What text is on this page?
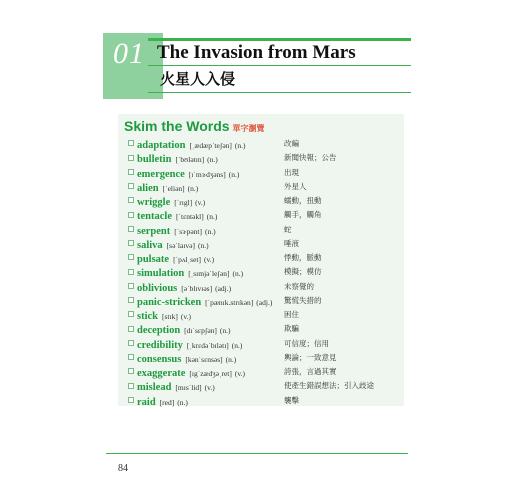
01 The Invasion from Mars
火星人入侵
Skim the Words 單字瀏覽
adaptation [ˌædæpˈteʃən] (n.)	改編
bulletin [ˈbʊlətɪn] (n.)	新聞快報；公告
emergence [ɪˈmɝdʒəns] (n.)	出現
alien [ˈeliən] (n.)	外星人
wriggle [ˈrɪgl] (v.)	蠕動，扭動
tentacle [ˈtɛntəkl] (n.)	觸手，觸角
serpent [ˈsɝpənt] (n.)	蛇
saliva [səˈlaɪvə] (n.)	唾液
pulsate [ˈpʌlˌset] (v.)	悸動，脈動
simulation [ˌsɪmjəˈleʃən] (n.)	模擬；模仿
oblivious [əˈblɪvɪəs] (adj.)	未察覺的
panic-stricken [ˈpænɪk.strɪkən] (adj.) 驚慌失措的
stick [stɪk] (v.)	困住
deception [dɪˈsɛpʃən] (n.)	欺騙
credibility [ˌkrɛdəˈbɪlətɪ] (n.)	可信度；信用
consensus [kənˈsɛnsəs] (n.)	輿論；一致意見
exaggerate [ɪgˈzædʒəˌret] (v.)	誇張，言過其實
mislead [mɪsˈlid] (v.)	使產生錯誤想法；引入歧途
raid [red] (n.)	襲擊
84
